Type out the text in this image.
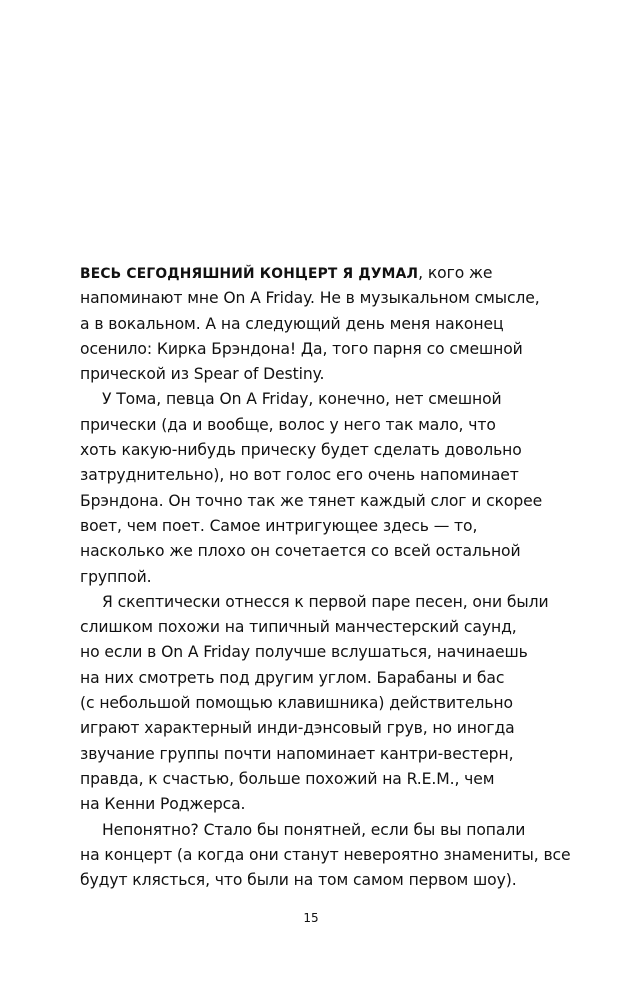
ВЕСЬ СЕГОДНЯШНИЙ КОНЦЕРТ Я ДУМАЛ, кого же
напоминают мне On A Friday. Не в музыкальном смысле,
а в вокальном. А на следующий день меня наконец
осенило: Кирка Брэндона! Да, того парня со смешной
прической из Spear of Destiny.
У Тома, певца On A Friday, конечно, нет смешной
прически (да и вообще, волос у него так мало, что
хоть какую-нибудь прическу будет сделать довольно
затруднительно), но вот голос его очень напоминает
Брэндона. Он точно так же тянет каждый слог и скорее
воет, чем поет. Самое интригующее здесь — то,
насколько же плохо он сочетается со всей остальной
группой.
Я скептически отнесся к первой паре песен, они были
слишком похожи на типичный манчестерский саунд,
но если в On A Friday получше вслушаться, начинаешь
на них смотреть под другим углом. Барабаны и бас
(с небольшой помощью клавишника) действительно
играют характерный инди-дэнсовый грув, но иногда
звучание группы почти напоминает кантри-вестерн,
правда, к счастью, больше похожий на R.E.M., чем
на Кенни Роджерса.
Непонятно? Стало бы понятней, если бы вы попали
на концерт (а когда они станут невероятно знамениты, все
будут клясться, что были на том самом первом шоу).
15
